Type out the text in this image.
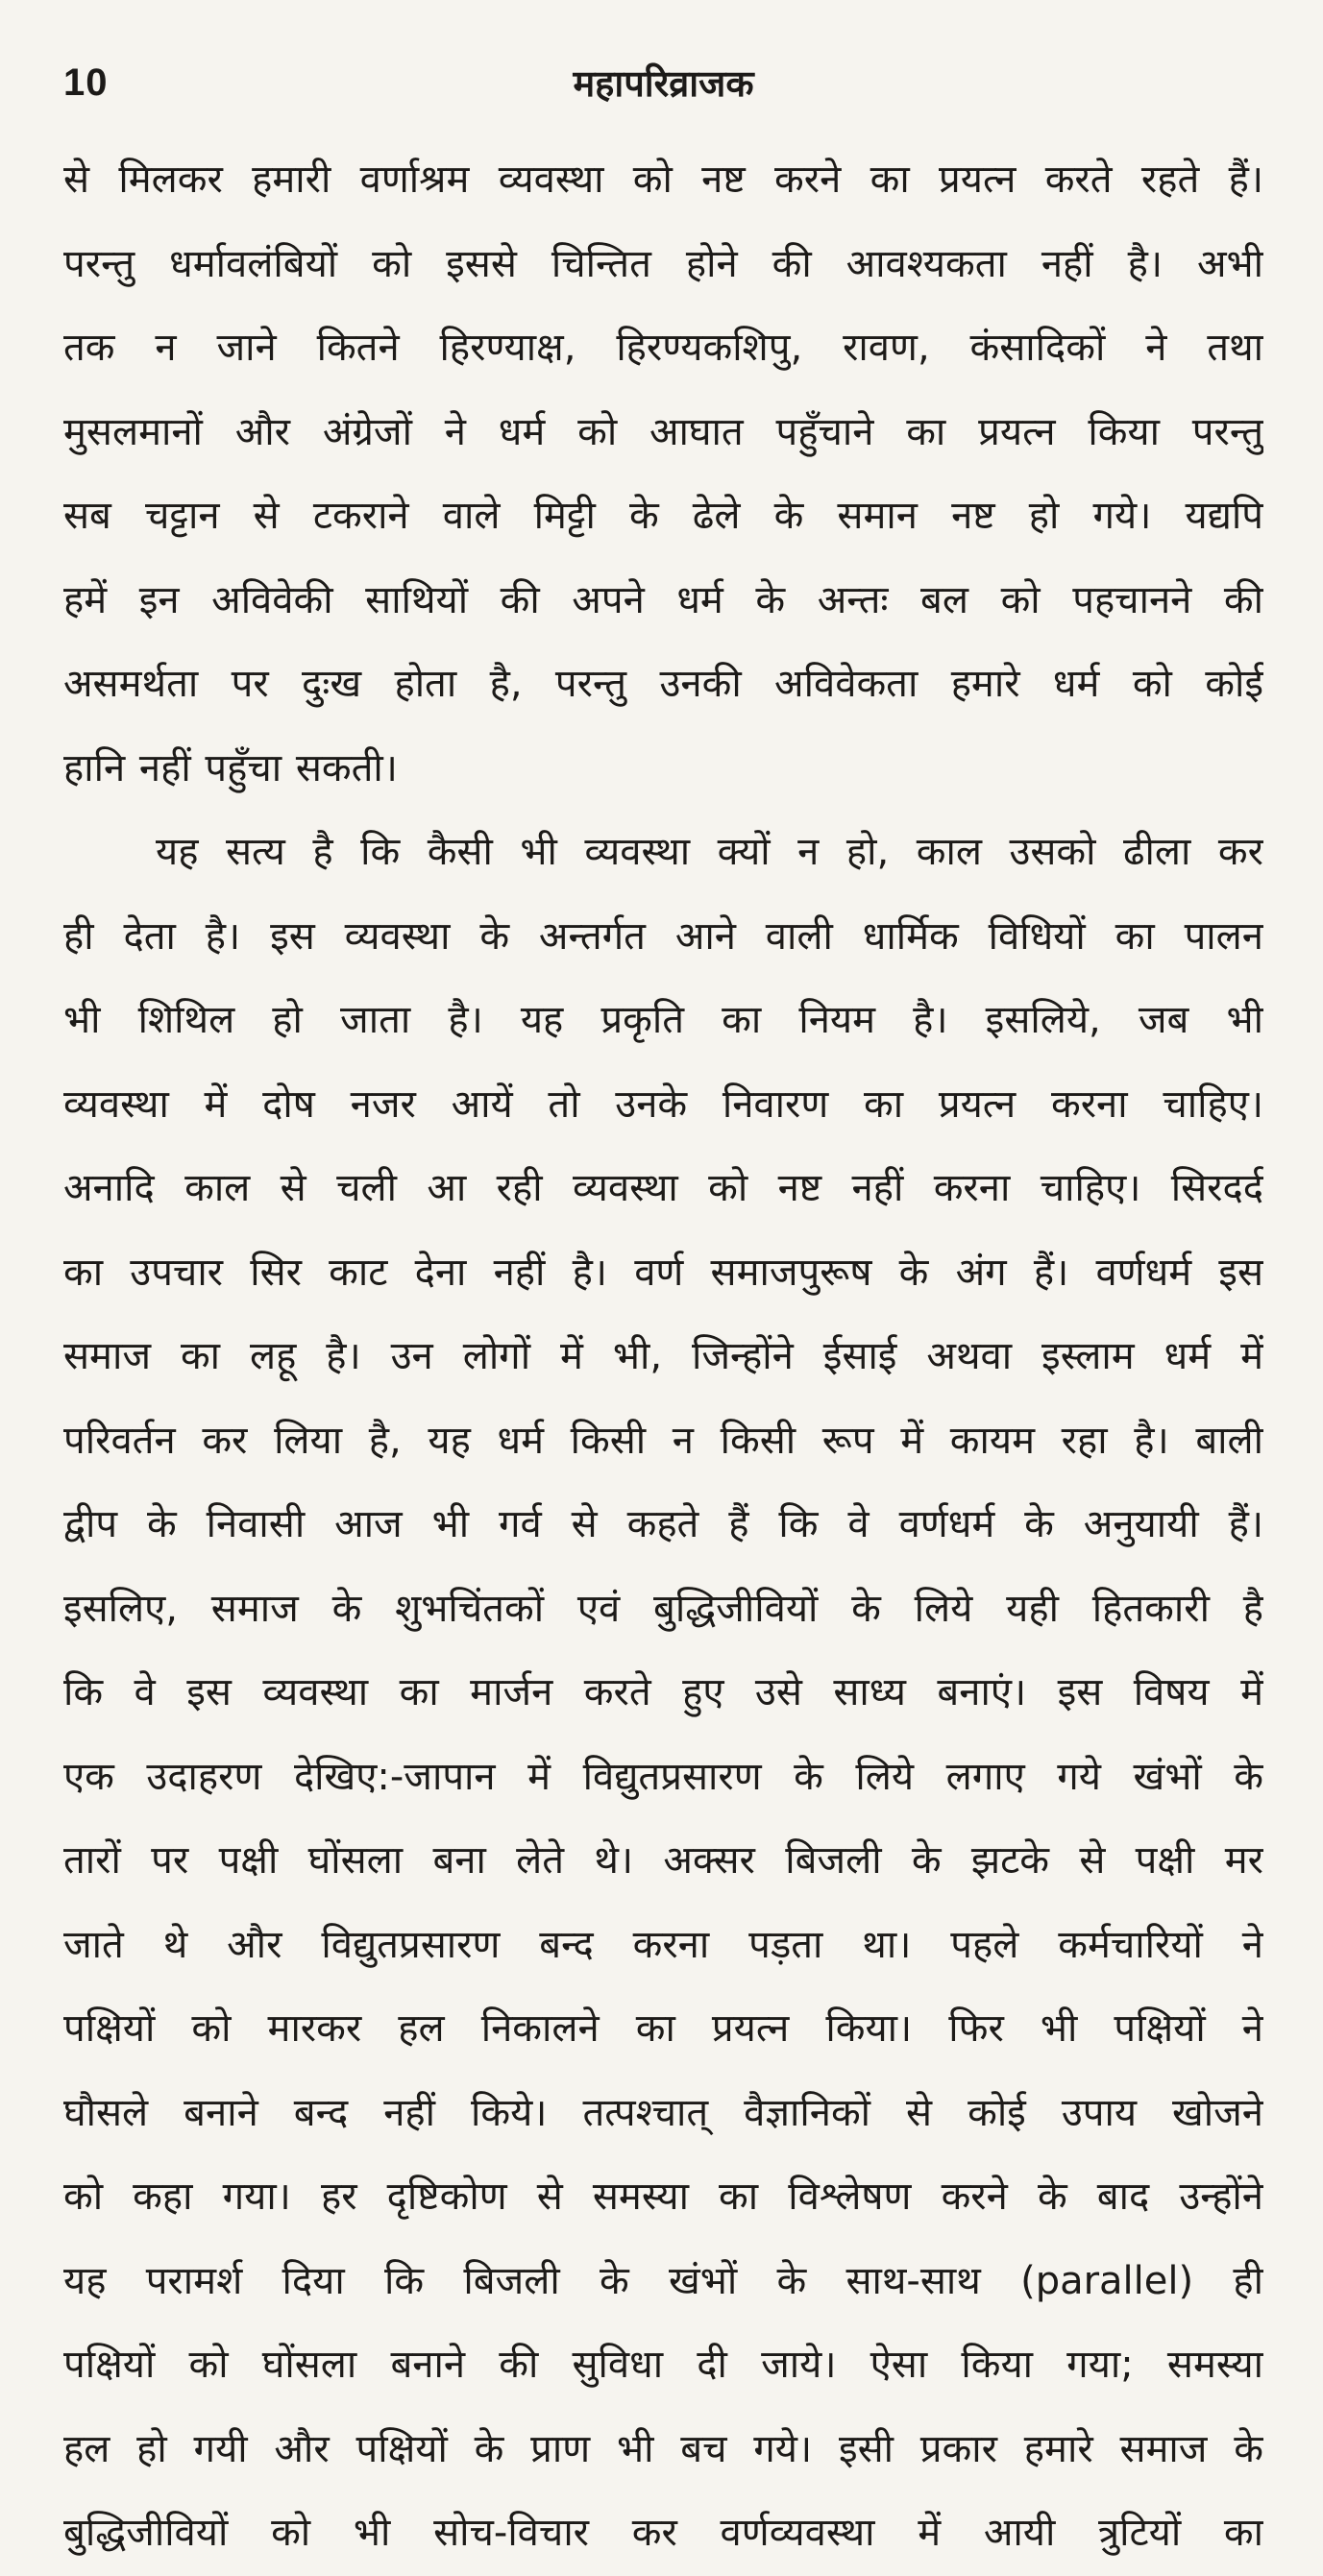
10	महापरिव्राजक
से मिलकर हमारी वर्णाश्रम व्यवस्था को नष्ट करने का प्रयत्न करते रहते हैं।
परन्तु धर्मावलंबियों को इससे चिन्तित होने की आवश्यकता नहीं है। अभी
तक न जाने कितने हिरण्याक्ष, हिरण्यकशिपु, रावण, कंसादिकों ने तथा
मुसलमानों और अंग्रेजों ने धर्म को आघात पहुँचाने का प्रयत्न किया परन्तु
सब चट्टान से टकराने वाले मिट्टी के ढेले के समान नष्ट हो गये। यद्यपि
हमें इन अविवेकी साथियों की अपने धर्म के अन्तः बल को पहचानने की
असमर्थता पर दुःख होता है, परन्तु उनकी अविवेकता हमारे धर्म को कोई
हानि नहीं पहुँचा सकती।
यह सत्य है कि कैसी भी व्यवस्था क्यों न हो, काल उसको ढीला कर
ही देता है। इस व्यवस्था के अन्तर्गत आने वाली धार्मिक विधियों का पालन
भी शिथिल हो जाता है। यह प्रकृति का नियम है। इसलिये, जब भी
व्यवस्था में दोष नजर आयें तो उनके निवारण का प्रयत्न करना चाहिए।
अनादि काल से चली आ रही व्यवस्था को नष्ट नहीं करना चाहिए। सिरदर्द
का उपचार सिर काट देना नहीं है। वर्ण समाजपुरूष के अंग हैं। वर्णधर्म इस
समाज का लहू है। उन लोगों में भी, जिन्होंने ईसाई अथवा इस्लाम धर्म में
परिवर्तन कर लिया है, यह धर्म किसी न किसी रूप में कायम रहा है। बाली
द्वीप के निवासी आज भी गर्व से कहते हैं कि वे वर्णधर्म के अनुयायी हैं।
इसलिए, समाज के शुभचिंतकों एवं बुद्धिजीवियों के लिये यही हितकारी है
कि वे इस व्यवस्था का मार्जन करते हुए उसे साध्य बनाएं। इस विषय में
एक उदाहरण देखिए:-जापान में विद्युतप्रसारण के लिये लगाए गये खंभों के
तारों पर पक्षी घोंसला बना लेते थे। अक्सर बिजली के झटके से पक्षी मर
जाते थे और विद्युतप्रसारण बन्द करना पड़ता था। पहले कर्मचारियों ने
पक्षियों को मारकर हल निकालने का प्रयत्न किया। फिर भी पक्षियों ने
घौसले बनाने बन्द नहीं किये। तत्पश्चात् वैज्ञानिकों से कोई उपाय खोजने
को कहा गया। हर दृष्टिकोण से समस्या का विश्लेषण करने के बाद उन्होंने
यह परामर्श दिया कि बिजली के खंभों के साथ-साथ (parallel) ही
पक्षियों को घोंसला बनाने की सुविधा दी जाये। ऐसा किया गया; समस्या
हल हो गयी और पक्षियों के प्राण भी बच गये। इसी प्रकार हमारे समाज के
बुद्धिजीवियों को भी सोच-विचार कर वर्णव्यवस्था में आयी त्रुटियों का
